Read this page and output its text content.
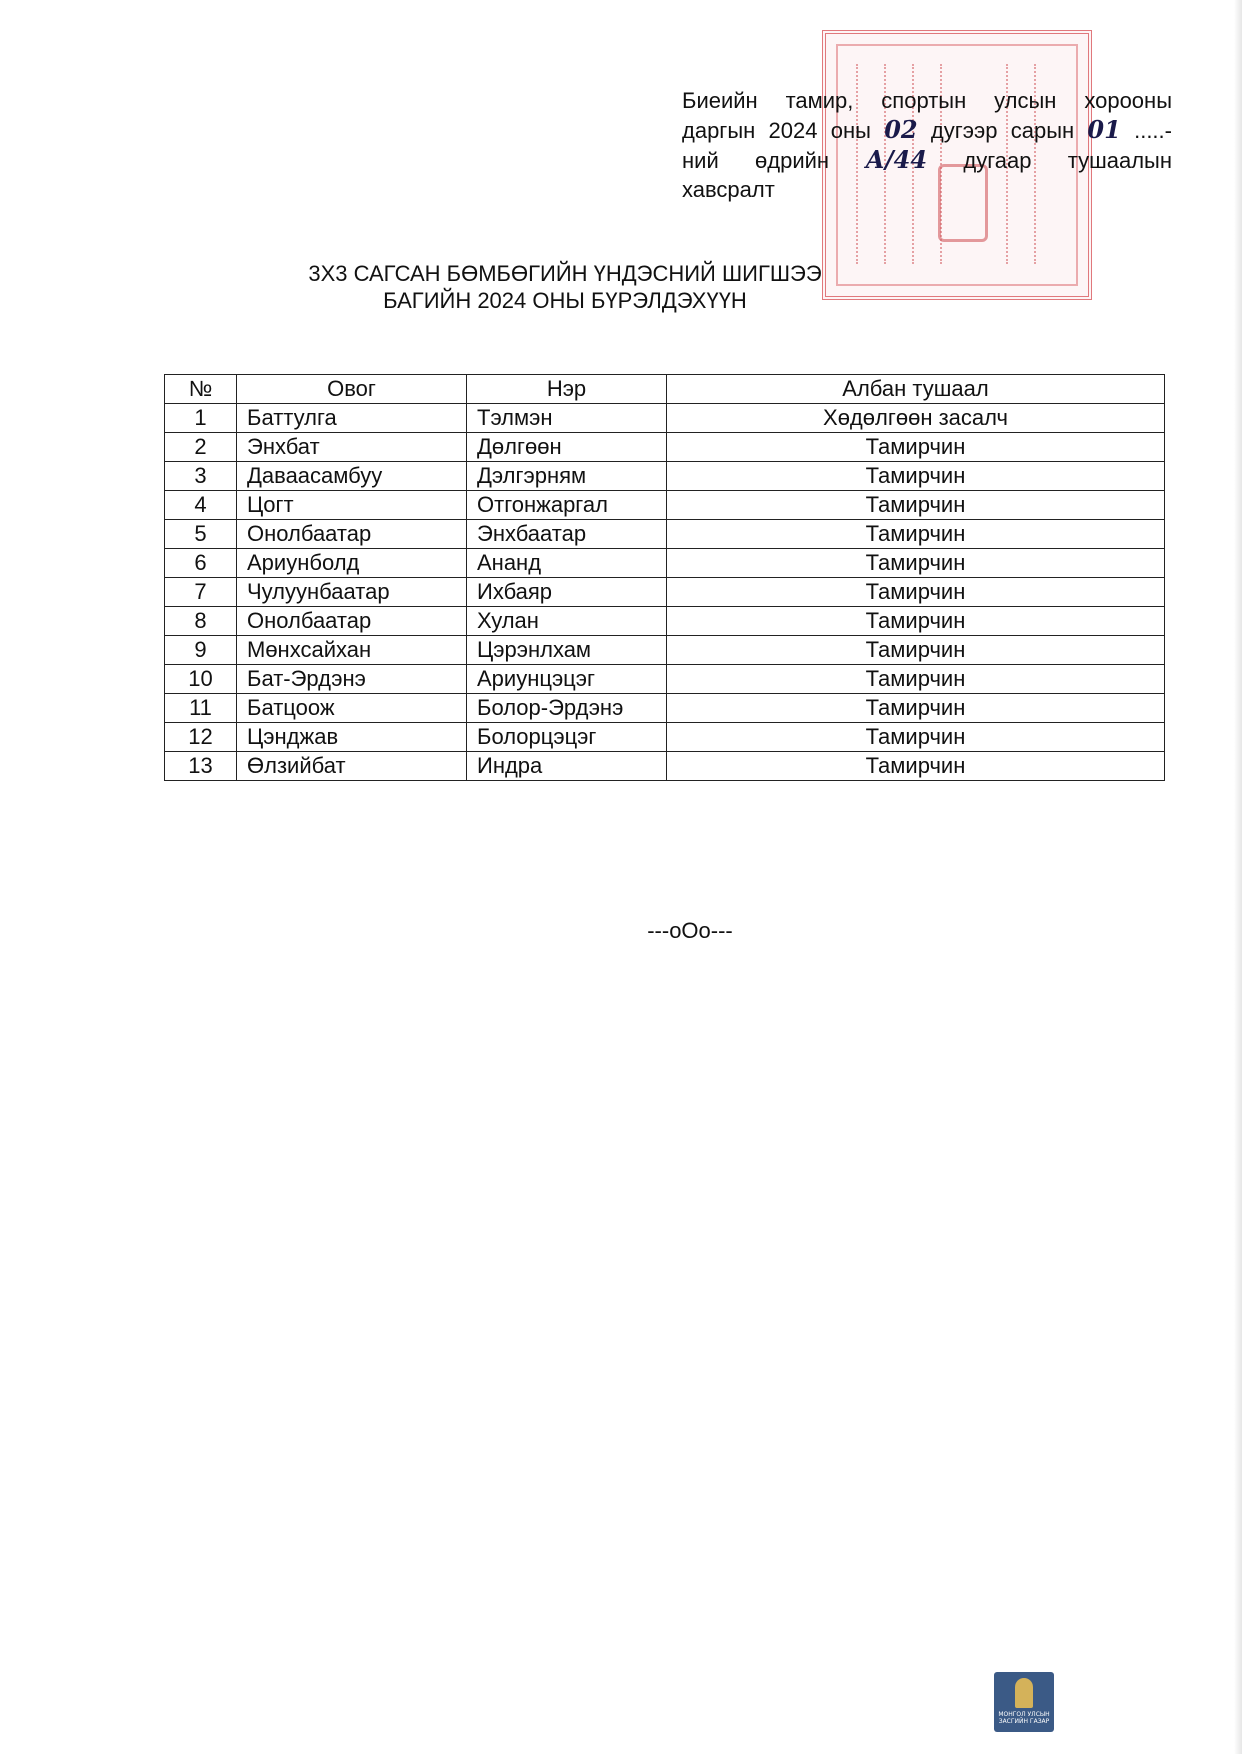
Биеийн тамир, спортын улсын хорооны
даргын 2024 оны 02 дугээр сарын 01 .....-
ний өдрийн А/44 дугаар тушаалын
хавсралт
3Х3 САГСАН БӨМБӨГИЙН ҮНДЭСНИЙ ШИГШЭЭ
БАГИЙН 2024 ОНЫ БҮРЭЛДЭХҮҮН
№	Овог	Нэр	Албан тушаал
1	Баттулга	Тэлмэн	Хөдөлгөөн засалч
2	Энхбат	Дөлгөөн	Тамирчин
3	Даваасамбуу	Дэлгэрням	Тамирчин
4	Цогт	Отгонжаргал	Тамирчин
5	Онолбаатар	Энхбаатар	Тамирчин
6	Ариунболд	Ананд	Тамирчин
7	Чулуунбаатар	Ихбаяр	Тамирчин
8	Онолбаатар	Хулан	Тамирчин
9	Мөнхсайхан	Цэрэнлхам	Тамирчин
10	Бат-Эрдэнэ	Ариунцэцэг	Тамирчин
11	Батцоож	Болор-Эрдэнэ	Тамирчин
12	Цэнджав	Болорцэцэг	Тамирчин
13	Өлзийбат	Индра	Тамирчин
---oOo---
МОНГОЛ УЛСЫН ЗАСГИЙН ГАЗАР
